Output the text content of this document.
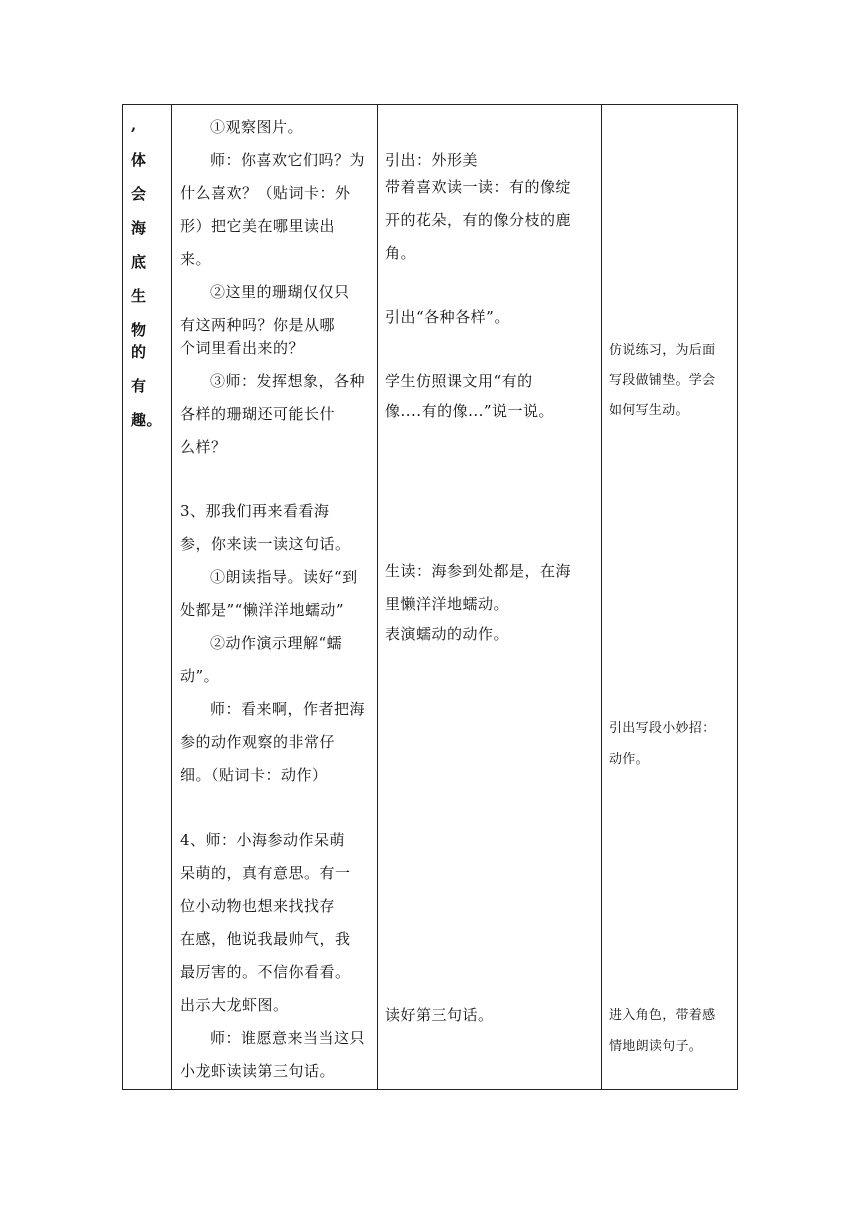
,
体
会
海
底
生
物
的
有
趣。
①观察图片。
师：你喜欢它们吗？为
什么喜欢？（贴词卡：外
形）把它美在哪里读出
来。
②这里的珊瑚仅仅只
有这两种吗？你是从哪
个词里看出来的？
③师：发挥想象，各种
各样的珊瑚还可能长什
么样？
3、那我们再来看看海
参，你来读一读这句话。
①朗读指导。读好“到
处都是”“懒洋洋地蠕动”
②动作演示理解“蠕
动”。
师：看来啊，作者把海
参的动作观察的非常仔
细。（贴词卡：动作）
4、师：小海参动作呆萌
呆萌的，真有意思。有一
位小动物也想来找找存
在感，他说我最帅气，我
最厉害的。不信你看看。
出示大龙虾图。
师：谁愿意来当当这只
小龙虾读读第三句话。
引出：外形美
带着喜欢读一读：有的像绽
开的花朵，有的像分枝的鹿
角。
引出“各种各样”。
学生仿照课文用“有的
像....有的像...”说一说。
生读：海参到处都是，在海
里懒洋洋地蠕动。
表演蠕动的动作。
读好第三句话。
仿说练习，为后面
写段做铺垫。学会
如何写生动。
引出写段小妙招：
动作。
进入角色，带着感
情地朗读句子。
